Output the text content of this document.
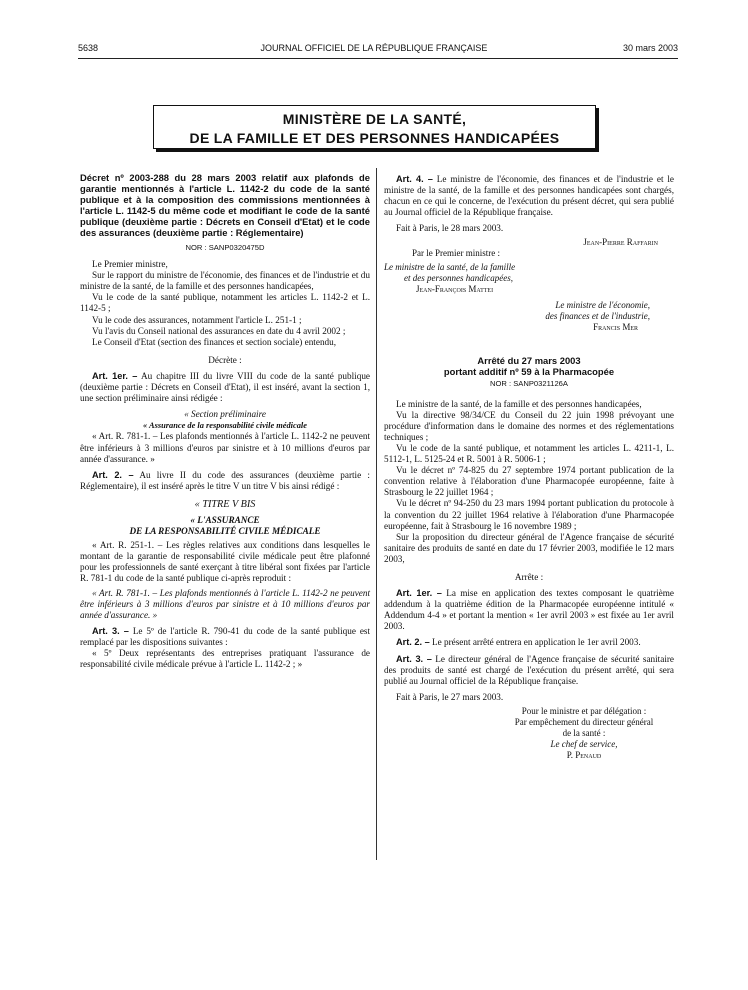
5638	JOURNAL OFFICIEL DE LA RÉPUBLIQUE FRANÇAISE	30 mars 2003
MINISTÈRE DE LA SANTÉ,
DE LA FAMILLE ET DES PERSONNES HANDICAPÉES

Décret nº 2003-288 du 28 mars 2003 relatif aux plafonds de garantie mentionnés à l'article L. 1142-2 du code de la santé publique et à la composition des commissions mentionnées à l'article L. 1142-5 du même code et modifiant le code de la santé publique (deuxième partie : Décrets en Conseil d'Etat) et le code des assurances (deuxième partie : Réglementaire)

NOR : SANP0320475D

Le Premier ministre,

Sur le rapport du ministre de l'économie, des finances et de l'industrie et du ministre de la santé, de la famille et des personnes handicapées,

Vu le code de la santé publique, notamment les articles L. 1142-2 et L. 1142-5 ;

Vu le code des assurances, notamment l'article L. 251-1 ;

Vu l'avis du Conseil national des assurances en date du 4 avril 2002 ;

Le Conseil d'Etat (section des finances et section sociale) entendu,

Décrète :

Art. 1er. – Au chapitre III du livre VIII du code de la santé publique (deuxième partie : Décrets en Conseil d'Etat), il est inséré, avant la section 1, une section préliminaire ainsi rédigée :

« Section préliminaire

« Assurance de la responsabilité civile médicale

« Art. R. 781-1. – Les plafonds mentionnés à l'article L. 1142-2 ne peuvent être inférieurs à 3 millions d'euros par sinistre et à 10 millions d'euros par année d'assurance. »

Art. 2. – Au livre II du code des assurances (deuxième partie : Réglementaire), il est inséré après le titre V un titre V bis ainsi rédigé :

« TITRE V BIS

« L'ASSURANCE

DE LA RESPONSABILITÉ CIVILE MÉDICALE

« Art. R. 251-1. – Les règles relatives aux conditions dans lesquelles le montant de la garantie de responsabilité civile médicale peut être plafonné pour les professionnels de santé exerçant à titre libéral sont fixées par l'article R. 781-1 du code de la santé publique ci-après reproduit :

« Art. R. 781-1. – Les plafonds mentionnés à l'article L. 1142-2 ne peuvent être inférieurs à 3 millions d'euros par sinistre et à 10 millions d'euros par année d'assurance. »

Art. 3. – Le 5º de l'article R. 790-41 du code de la santé publique est remplacé par les dispositions suivantes :

« 5º Deux représentants des entreprises pratiquant l'assurance de responsabilité civile médicale prévue à l'article L. 1142-2 ; »

Art. 4. – Le ministre de l'économie, des finances et de l'industrie et le ministre de la santé, de la famille et des personnes handicapées sont chargés, chacun en ce qui le concerne, de l'exécution du présent décret, qui sera publié au Journal officiel de la République française.

Fait à Paris, le 28 mars 2003.

Jean-Pierre Raffarin

Par le Premier ministre :

Le ministre de la santé, de la famille

et des personnes handicapées,

Jean-François Mattei

Le ministre de l'économie,

des finances et de l'industrie,

Francis Mer

Arrêté du 27 mars 2003

portant additif nº 59 à la Pharmacopée

NOR : SANP0321126A

Le ministre de la santé, de la famille et des personnes handicapées,

Vu la directive 98/34/CE du Conseil du 22 juin 1998 prévoyant une procédure d'information dans le domaine des normes et des réglementations techniques ;

Vu le code de la santé publique, et notamment les articles L. 4211-1, L. 5112-1, L. 5125-24 et R. 5001 à R. 5006-1 ;

Vu le décret nº 74-825 du 27 septembre 1974 portant publication de la convention relative à l'élaboration d'une Pharmacopée européenne, faite à Strasbourg le 22 juillet 1964 ;

Vu le décret nº 94-250 du 23 mars 1994 portant publication du protocole à la convention du 22 juillet 1964 relative à l'élaboration d'une Pharmacopée européenne, fait à Strasbourg le 16 novembre 1989 ;

Sur la proposition du directeur général de l'Agence française de sécurité sanitaire des produits de santé en date du 17 février 2003, modifiée le 12 mars 2003,

Arrête :

Art. 1er. – La mise en application des textes composant le quatrième addendum à la quatrième édition de la Pharmacopée européenne intitulé « Addendum 4-4 » et portant la mention « 1er avril 2003 » est fixée au 1er avril 2003.

Art. 2. – Le présent arrêté entrera en application le 1er avril 2003.

Art. 3. – Le directeur général de l'Agence française de sécurité sanitaire des produits de santé est chargé de l'exécution du présent arrêté, qui sera publié au Journal officiel de la République française.

Fait à Paris, le 27 mars 2003.

Pour le ministre et par délégation :

Par empêchement du directeur général

de la santé :

Le chef de service,

P. Penaud
